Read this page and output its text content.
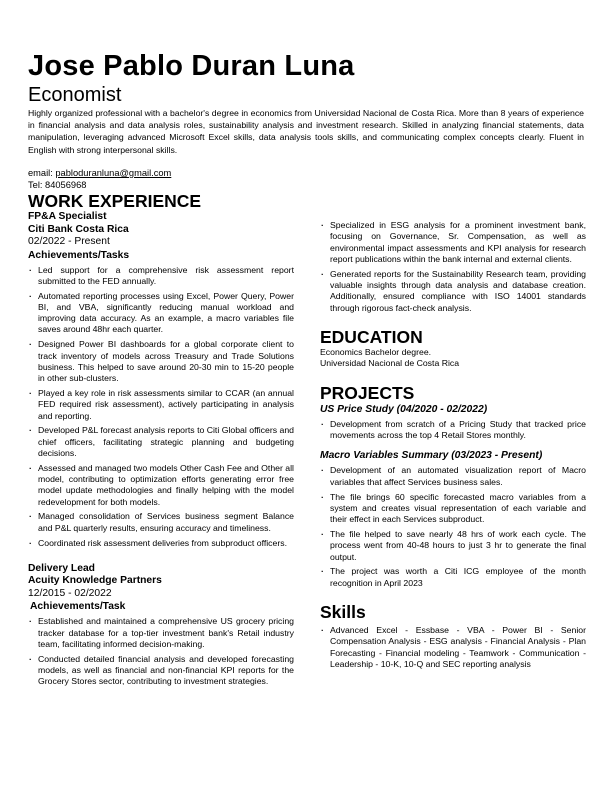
Jose Pablo Duran Luna
Economist

Highly organized professional with a bachelor's degree in economics from Universidad Nacional de Costa Rica. More than 8 years of experience in financial analysis and data analysis roles, sustainability analysis and investment research. Skilled in analyzing financial statements, data manipulation, leveraging advanced Microsoft Excel skills, data analysis tools skills, and communicating complex concepts clearly. Fluent in English with strong interpersonal skills.

email: pabloduranluna@gmail.com
Tel: 84056968
WORK EXPERIENCE
FP&A Specialist
Citi Bank Costa Rica
02/2022 - Present
Achievements/Tasks
· Led support for a comprehensive risk assessment report submitted to the FED annually.
· Automated reporting processes using Excel, Power Query, Power BI, and VBA, significantly reducing manual workload and improving data accuracy. As an example, a macro variables file saves around 48hr each quarter.
· Designed Power BI dashboards for a global corporate client to track inventory of models across Treasury and Trade Solutions business. This helped to save around 20-30 min to 15-20 people in other sub-clusters.
· Played a key role in risk assessments similar to CCAR (an annual FED required risk assessment), actively participating in analysis and reporting.
· Developed P&L forecast analysis reports to Citi Global officers and chief officers, facilitating strategic planning and budgeting decisions.
· Assessed and managed two models Other Cash Fee and Other all model, contributing to optimization efforts generating error free model update methodologies and finally helping with the model redevelopment for both models.
· Managed consolidation of Services business segment Balance and P&L quarterly results, ensuring accuracy and timeliness.
· Coordinated risk assessment deliveries from subproduct officers.
Delivery Lead
Acuity Knowledge Partners
12/2015 - 02/2022
Achievements/Task
· Established and maintained a comprehensive US grocery pricing tracker database for a top-tier investment bank's Retail industry team, facilitating informed decision-making.
· Conducted detailed financial analysis and developed forecasting models, as well as financial and non-financial KPI reports for the Grocery Stores sector, contributing to investment strategies.
· Specialized in ESG analysis for a prominent investment bank, focusing on Governance, Sr. Compensation, as well as environmental impact assessments and KPI analysis for research report publications within the bank internal and external clients.
· Generated reports for the Sustainability Research team, providing valuable insights through data analysis and database creation. Additionally, ensured compliance with ISO 14001 standards through rigorous fact-check analysis.
EDUCATION
Economics Bachelor degree.
Universidad Nacional de Costa Rica
PROJECTS
US Price Study (04/2020 - 02/2022)
· Development from scratch of a Pricing Study that tracked price movements across the top 4 Retail Stores monthly.
Macro Variables Summary (03/2023 - Present)
· Development of an automated visualization report of Macro variables that affect Services business sales.
· The file brings 60 specific forecasted macro variables from a system and creates visual representation of each variable and their effect in each Services subproduct.
· The file helped to save nearly 48 hrs of work each cycle. The process went from 40-48 hours to just 3 hr to generate the final output.
· The project was worth a Citi ICG employee of the month recognition in April 2023
Skills
· Advanced Excel - Essbase - VBA - Power BI - Senior Compensation Analysis - ESG analysis - Financial Analysis - Plan Forecasting - Financial modeling - Teamwork - Communication - Leadership - 10-K, 10-Q and SEC reporting analysis
